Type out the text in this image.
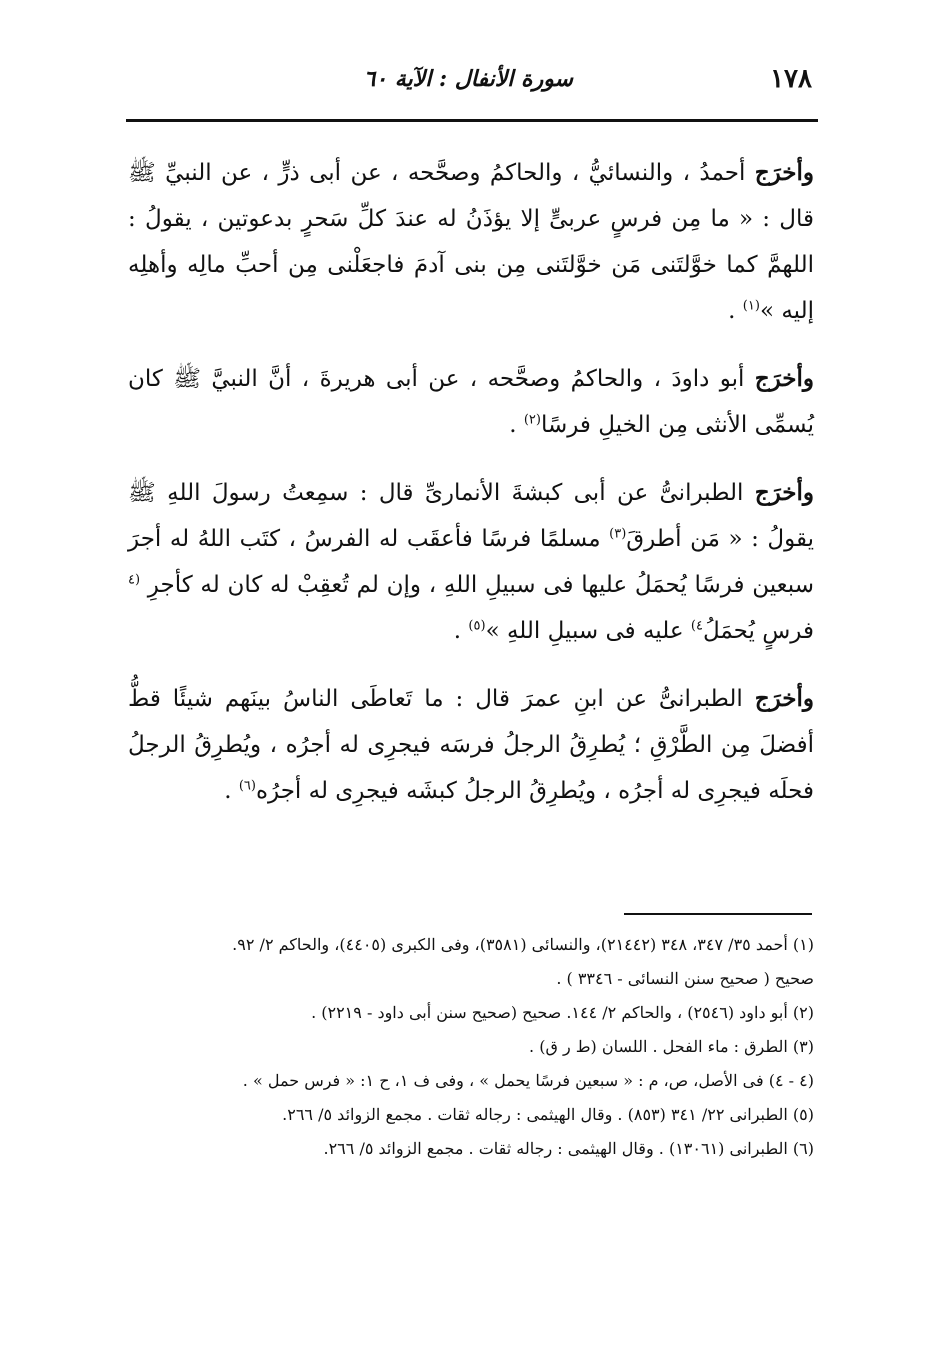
١٧٨
سورة الأنفال : الآية ٦٠

وأخرَج أحمدُ ، والنسائيُّ ، والحاكمُ وصحَّحه ، عن أبى ذرٍّ ، عن النبيِّ ﷺ قال : « ما مِن فرسٍ عربىٍّ إلا يؤذَنُ له عندَ كلِّ سَحرٍ بدعوتين ، يقولُ : اللهمَّ كما خوَّلتَنى مَن خوَّلتَنى مِن بنى آدمَ فاجعَلْنى مِن أحبِّ مالِه وأهلِه إليه »$^{(١)}$ .

وأخرَج أبو داودَ ، والحاكمُ وصحَّحه ، عن أبى هريرةَ ، أنَّ النبيَّ ﷺ كان يُسمِّى الأنثى مِن الخيلِ فرسًا$^{(٢)}$ .

وأخرَج الطبرانىُّ عن أبى كبشةَ الأنمارىِّ قال : سمِعتُ رسولَ اللهِ ﷺ يقولُ : « مَن أطرقَ$^{(٣)}$ مسلمًا فرسًا فأعقَب له الفرسُ ، كتَب اللهُ له أجرَ سبعين فرسًا يُحمَلُ عليها فى سبيلِ اللهِ ، وإن لم تُعقِبْ له كان له كأجرِ $^{(٤}$ فرسٍ يُحمَلُ$^{٤)}$ عليه فى سبيلِ اللهِ »$^{(٥)}$ .

وأخرَج الطبرانىُّ عن ابنِ عمرَ قال : ما تَعاطَى الناسُ بينَهم شيئًا قطُّ أفضلَ مِن الطَّرْقِ ؛ يُطرِقُ الرجلُ فرسَه فيجرِى له أجرُه ، ويُطرِقُ الرجلُ فحلَه فيجرِى له أجرُه ، ويُطرِقُ الرجلُ كبشَه فيجرِى له أجرُه$^{(٦)}$ .

(١) أحمد ٣٥/ ٣٤٧، ٣٤٨ (٢١٤٤٢)، والنسائى (٣٥٨١)، وفى الكبرى (٤٤٠٥)، والحاكم ٢/ ٩٢.

صحيح ( صحيح سنن النسائى - ٣٣٤٦ ) .

(٢) أبو داود (٢٥٤٦) ، والحاكم ٢/ ١٤٤. صحيح (صحيح سنن أبى داود - ٢٢١٩) .

(٣) الطرق : ماء الفحل . اللسان (ط ر ق) .

(٤ - ٤) فى الأصل، ص، م : « سبعين فرسًا يحمل » ، وفى ف ١، ح ١: « فرس حمل » .

(٥) الطبرانى ٢٢/ ٣٤١ (٨٥٣) . وقال الهيثمى : رجاله ثقات . مجمع الزوائد ٥/ ٢٦٦.

(٦) الطبرانى (١٣٠٦١) . وقال الهيثمى : رجاله ثقات . مجمع الزوائد ٥/ ٢٦٦.
